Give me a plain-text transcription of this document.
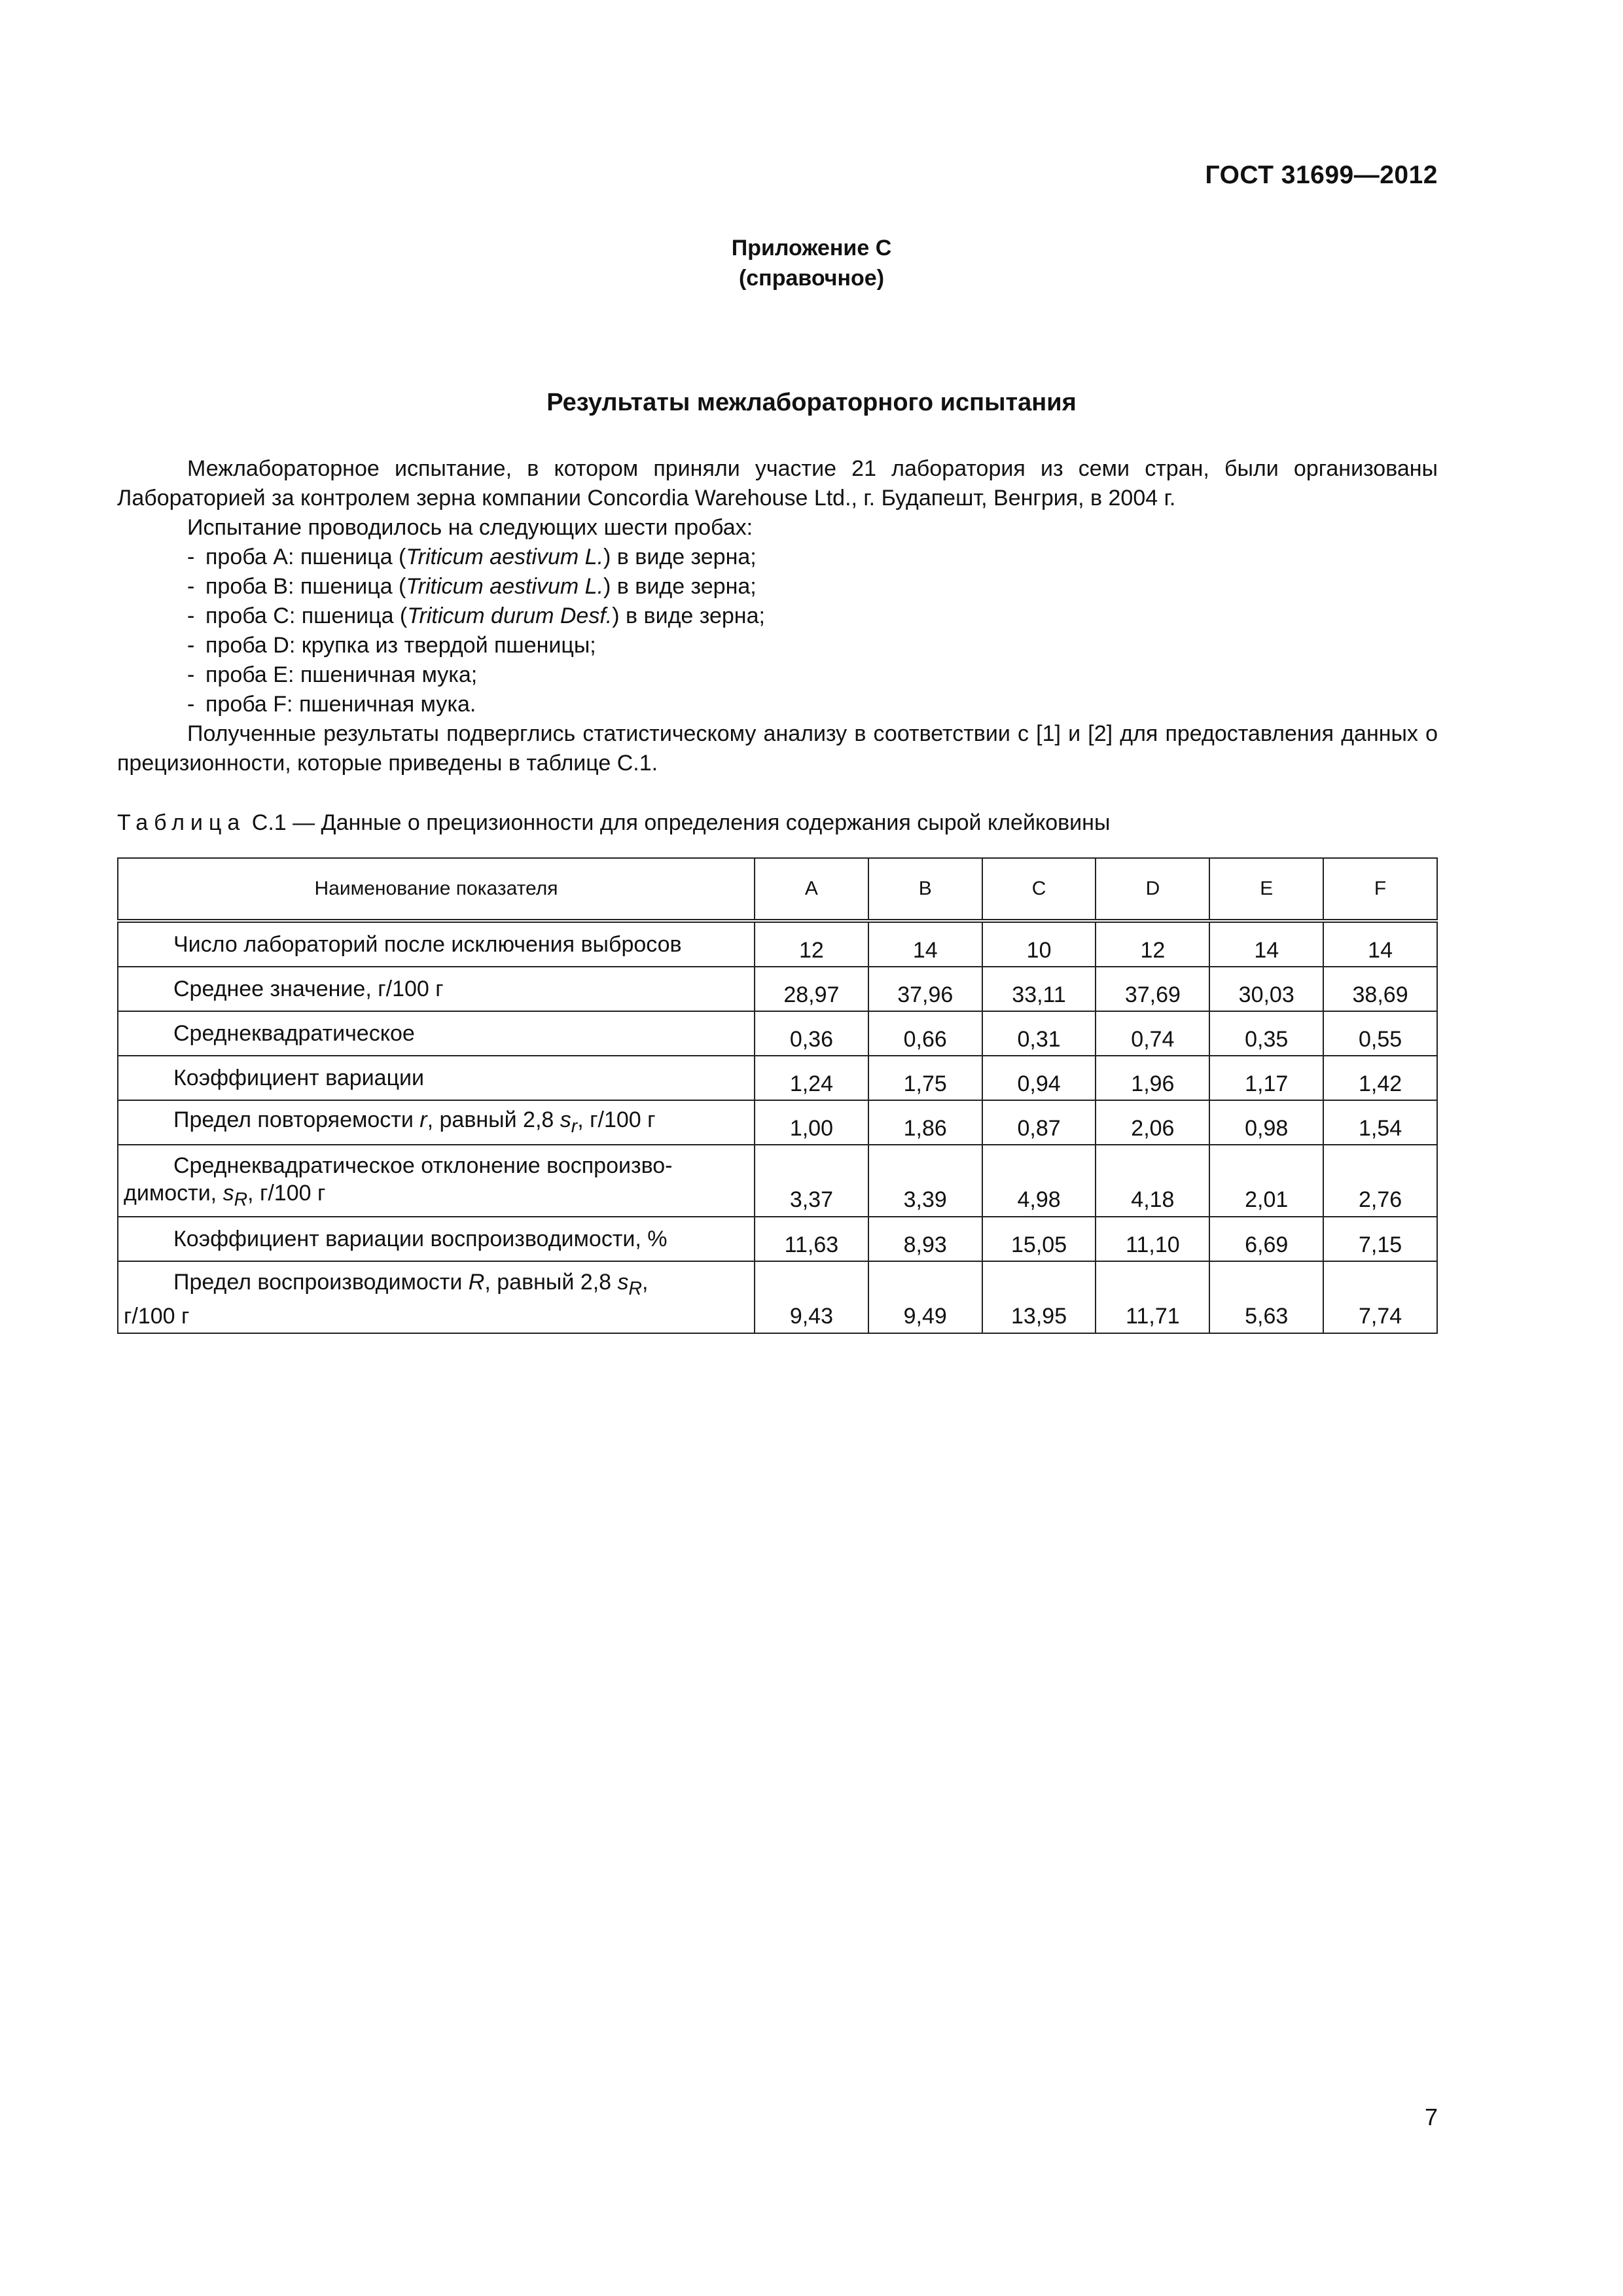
ГОСТ 31699—2012
Приложение С
(справочное)
Результаты межлабораторного испытания

Межлабораторное испытание, в котором приняли участие 21 лаборатория из семи стран, были организованы Лабораторией за контролем зерна компании Concordia Warehouse Ltd., г. Будапешт, Венгрия, в 2004 г.

Испытание проводилось на следующих шести пробах:

- проба А: пшеница (Triticum aestivum L.) в виде зерна;
- проба В: пшеница (Triticum aestivum L.) в виде зерна;
- проба С: пшеница (Triticum durum Desf.) в виде зерна;
- проба D: крупка из твердой пшеницы;
- проба Е: пшеничная мука;
- проба F: пшеничная мука.

Полученные результаты подверглись статистическому анализу в соответствии с [1] и [2] для предоставления данных о прецизионности, которые приведены в таблице С.1.

Таблица С.1 — Данные о прецизионности для определения содержания сырой клейковины
Наименование показателя	A	B	C	D	E	F
Число лабораторий после исключения выбросов	12	14	10	12	14	14
Среднее значение, г/100 г	28,97	37,96	33,11	37,69	30,03	38,69
Среднеквадратическое	0,36	0,66	0,31	0,74	0,35	0,55
Коэффициент вариации	1,24	1,75	0,94	1,96	1,17	1,42
Предел повторяемости r, равный 2,8 $s_r$, г/100 г	1,00	1,86	0,87	2,06	0,98	1,54
Среднеквадратическое отклонение воспроизво-
димости, $s_R$, г/100 г	3,37	3,39	4,98	4,18	2,01	2,76
Коэффициент вариации воспроизводимости, %	11,63	8,93	15,05	11,10	6,69	7,15
Предел воспроизводимости R, равный 2,8 $s_R$,
г/100 г	9,43	9,49	13,95	11,71	5,63	7,74
7
